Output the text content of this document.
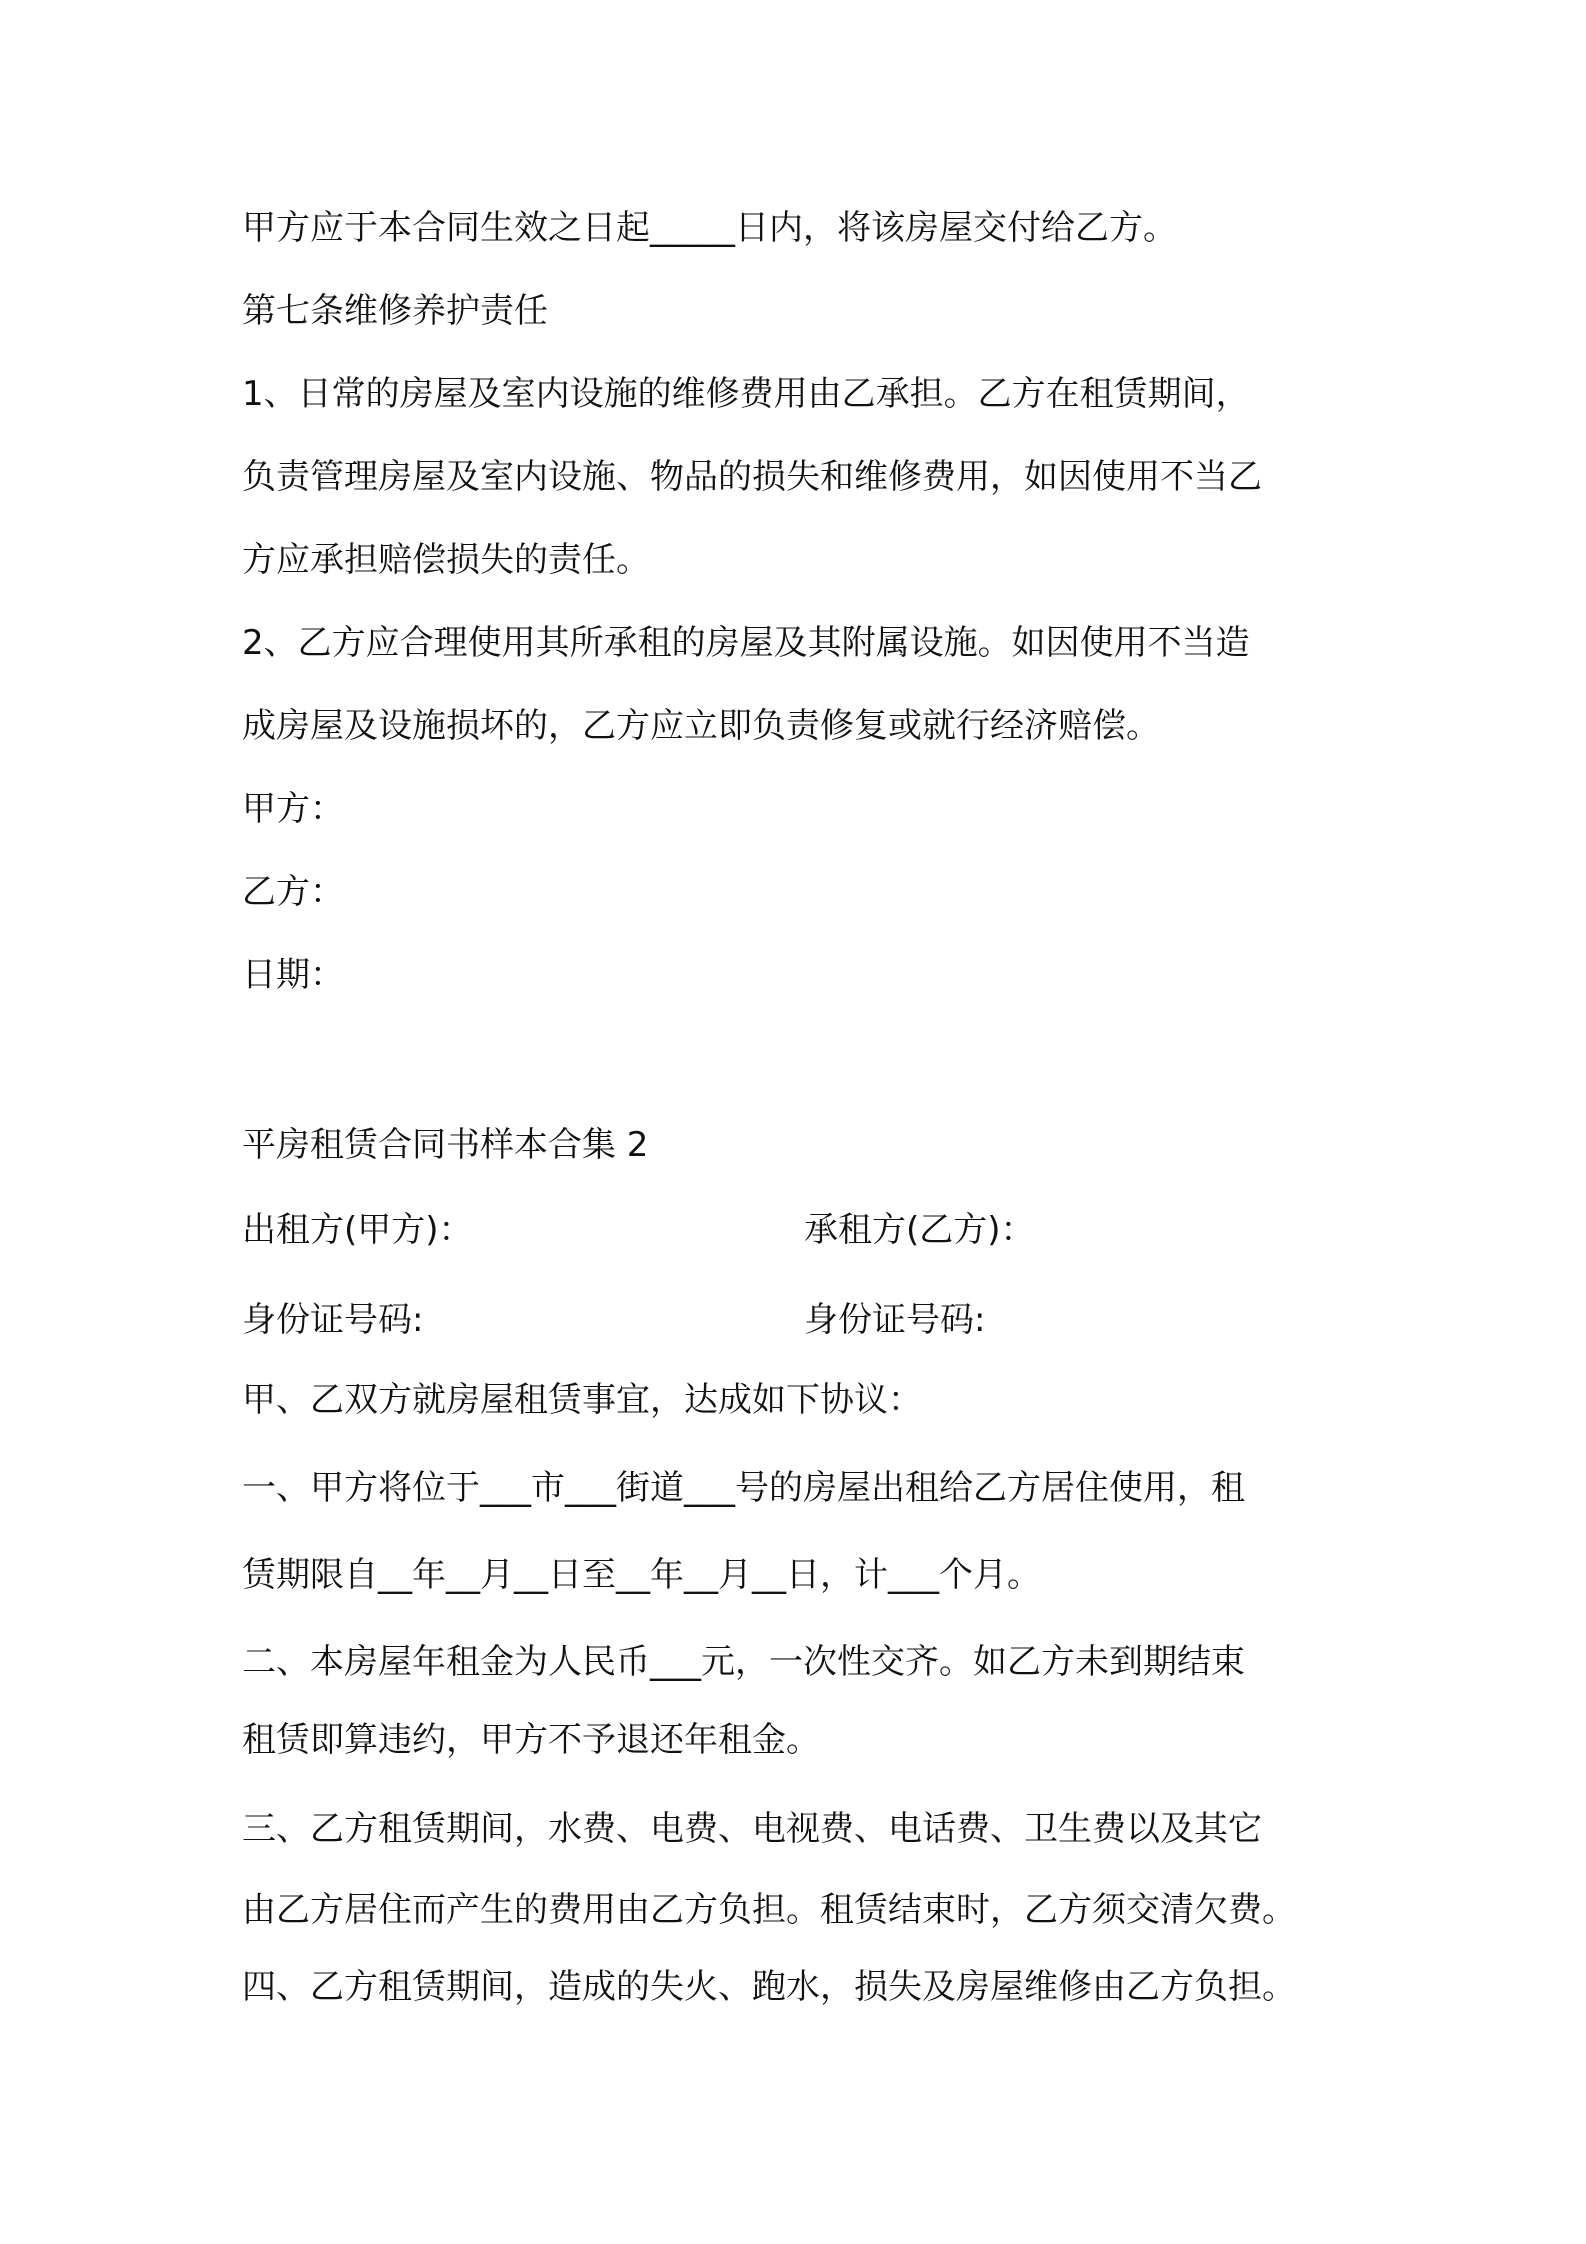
甲方应于本合同生效之日起_____日内，将该房屋交付给乙方。
第七条维修养护责任
1、日常的房屋及室内设施的维修费用由乙承担。乙方在租赁期间，
负责管理房屋及室内设施、物品的损失和维修费用，如因使用不当乙
方应承担赔偿损失的责任。
2、乙方应合理使用其所承租的房屋及其附属设施。如因使用不当造
成房屋及设施损坏的，乙方应立即负责修复或就行经济赔偿。
甲方：
乙方：
日期：
平房租赁合同书样本合集 2
出租方(甲方)：	承租方(乙方)：
身份证号码:	身份证号码:
甲、乙双方就房屋租赁事宜，达成如下协议：
一、甲方将位于___市___街道___号的房屋出租给乙方居住使用，租
赁期限自__年__月__日至__年__月__日，计___个月。
二、本房屋年租金为人民币___元，一次性交齐。如乙方未到期结束
租赁即算违约，甲方不予退还年租金。
三、乙方租赁期间，水费、电费、电视费、电话费、卫生费以及其它
由乙方居住而产生的费用由乙方负担。租赁结束时，乙方须交清欠费。
四、乙方租赁期间，造成的失火、跑水，损失及房屋维修由乙方负担。
